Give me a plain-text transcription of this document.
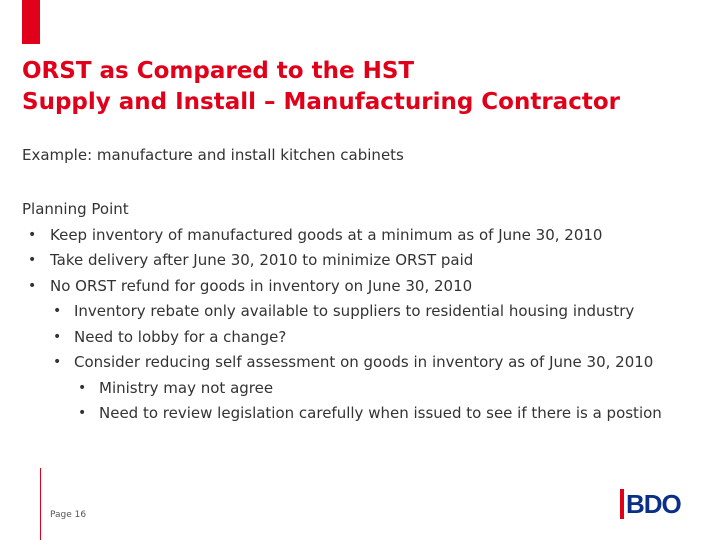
ORST as Compared to the HST
Supply and Install – Manufacturing Contractor
Example: manufacture and install kitchen cabinets
Planning Point
• Keep inventory of manufactured goods at a minimum as of June 30, 2010
• Take delivery after June 30, 2010 to minimize ORST paid
• No ORST refund for goods in inventory on June 30, 2010
• Inventory rebate only available to suppliers to residential housing industry
• Need to lobby for a change?
• Consider reducing self assessment on goods in inventory as of June 30, 2010
• Ministry may not agree
• Need to review legislation carefully when issued to see if there is a postion
Page 16	BDO
